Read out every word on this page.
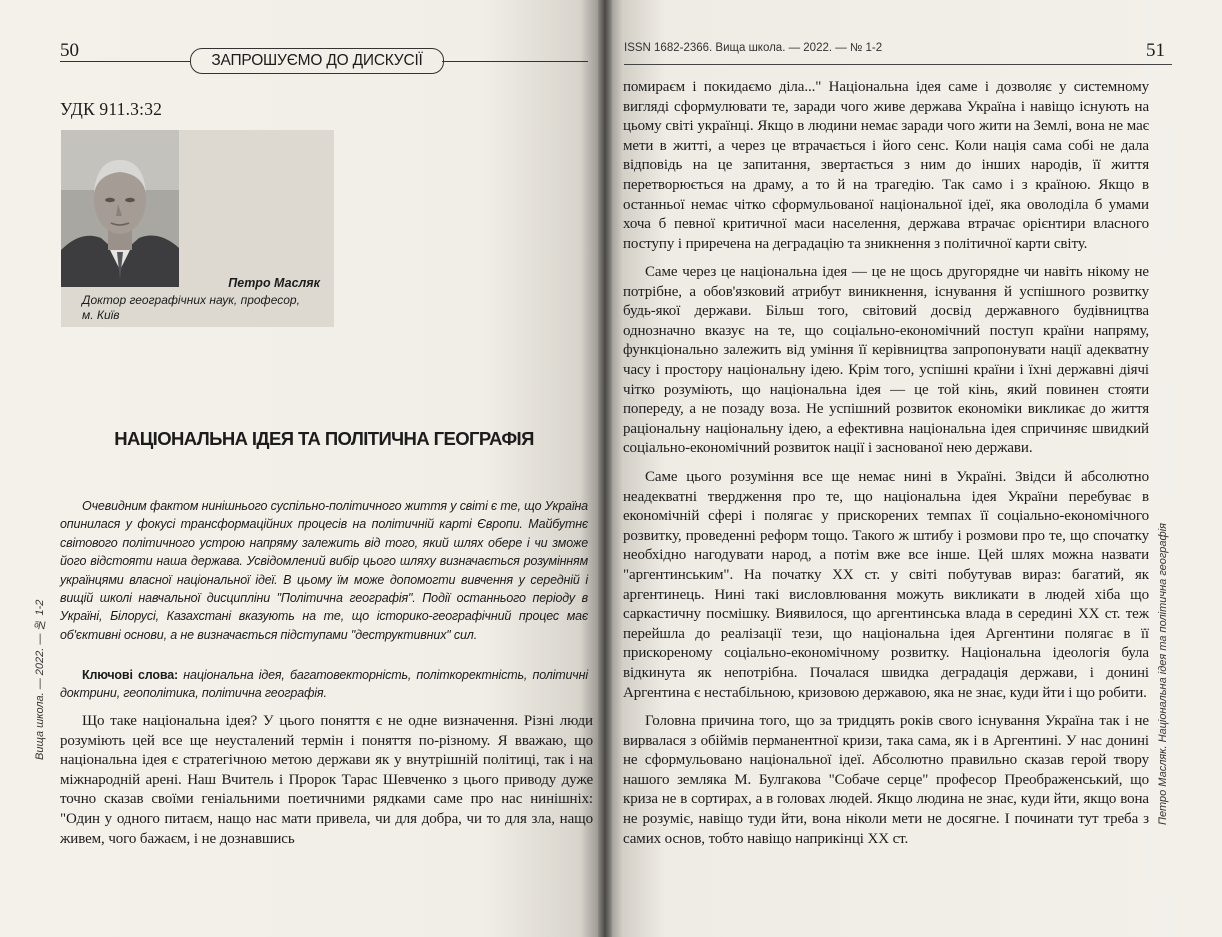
50	ЗАПРОШУЄМО ДО ДИСКУСІЇ
УДК 911.3:32
Петро Масляк
Доктор географічних наук, професор,
м. Київ
НАЦІОНАЛЬНА ІДЕЯ ТА ПОЛІТИЧНА ГЕОГРАФІЯ

Очевидним фактом нинішнього суспільно-політичного життя у світі є те, що Україна опинилася у фокусі трансформаційних процесів на політичній карті Європи. Майбутнє світового політичного устрою напряму залежить від того, який шлях обере і чи зможе його відстояти наша держава. Усвідомлений вибір цього шляху визначається розумінням українцями власної національної ідеї. В цьому їм може допомогти вивчення у середній і вищій школі навчальної дисципліни "Політична географія". Події останнього періоду в Україні, Білорусі, Казахстані вказують на те, що історико-географічний процес має об'єктивні основи, а не визначається підступами "деструктивних" сил.

Ключові слова: національна ідея, багатовекторність, політкоректність, політичні доктрини, геополітика, політична географія.

Що таке національна ідея? У цього поняття є не одне визначення. Різні люди розуміють цей все ще неусталений термін і поняття по-різному. Я вважаю, що національна ідея є стратегічною метою держави як у внутрішній політиці, так і на міжнародній арені. Наш Вчитель і Пророк Тарас Шевченко з цього приводу дуже точно сказав своїми геніальними поетичними рядками саме про нас нинішніх: "Один у одного питаєм, нащо нас мати привела, чи для добра, чи то для зла, нащо живем, чого бажаєм, і не дознавшись

Вища школа. — 2022. — № 1-2
ISSN 1682-2366. Вища школа. — 2022. — № 1-2	51

помираєм і покидаємо діла..." Національна ідея саме і дозволяє у системному вигляді сформулювати те, заради чого живе держава Україна і навіщо існують на цьому світі українці. Якщо в людини немає заради чого жити на Землі, вона не має мети в житті, а через це втрачається і його сенс. Коли нація сама собі не дала відповідь на це запитання, звертається з ним до інших народів, її життя перетворюється на драму, а то й на трагедію. Так само і з країною. Якщо в останньої немає чітко сформульованої національної ідеї, яка оволоділа б умами хоча б певної критичної маси населення, держава втрачає орієнтири власного поступу і приречена на деградацію та зникнення з політичної карти світу.

Саме через це національна ідея — це не щось другорядне чи навіть нікому не потрібне, а обов'язковий атрибут виникнення, існування й успішного розвитку будь-якої держави. Більш того, світовий досвід державного будівництва однозначно вказує на те, що соціально-економічний поступ країни напряму, функціонально залежить від уміння її керівництва запропонувати нації адекватну часу і простору національну ідею. Крім того, успішні країни і їхні державні діячі чітко розуміють, що національна ідея — це той кінь, який повинен стояти попереду, а не позаду воза. Не успішний розвиток економіки викликає до життя раціональну національну ідею, а ефективна національна ідея спричиняє швидкий соціально-економічний розвиток нації і заснованої нею держави.

Саме цього розуміння все ще немає нині в Україні. Звідси й абсолютно неадекватні твердження про те, що національна ідея України перебуває в економічній сфері і полягає у прискорених темпах її соціально-економічного розвитку, проведенні реформ тощо. Такого ж штибу і розмови про те, що спочатку необхідно нагодувати народ, а потім вже все інше. Цей шлях можна назвати "аргентинським". На початку XX ст. у світі побутував вираз: багатий, як аргентинець. Нині такі висловлювання можуть викликати в людей хіба що саркастичну посмішку. Виявилося, що аргентинська влада в середині XX ст. теж перейшла до реалізації тези, що національна ідея Аргентини полягає в її прискореному соціально-економічному розвитку. Національна ідеологія була відкинута як непотрібна. Почалася швидка деградація держави, і донині Аргентина є нестабільною, кризовою державою, яка не знає, куди йти і що робити.

Головна причина того, що за тридцять років свого існування Україна так і не вирвалася з обіймів перманентної кризи, така сама, як і в Аргентині. У нас донині не сформульовано національної ідеї. Абсолютно правильно сказав герой твору нашого земляка М. Булгакова "Собаче серце" професор Преображенський, що криза не в сортирах, а в головах людей. Якщо людина не знає, куди йти, якщо вона не розуміє, навіщо туди йти, вона ніколи мети не досягне. І починати тут треба з самих основ, тобто навіщо наприкінці XX ст.

Петро Масляк. Національна ідея та політична географія
